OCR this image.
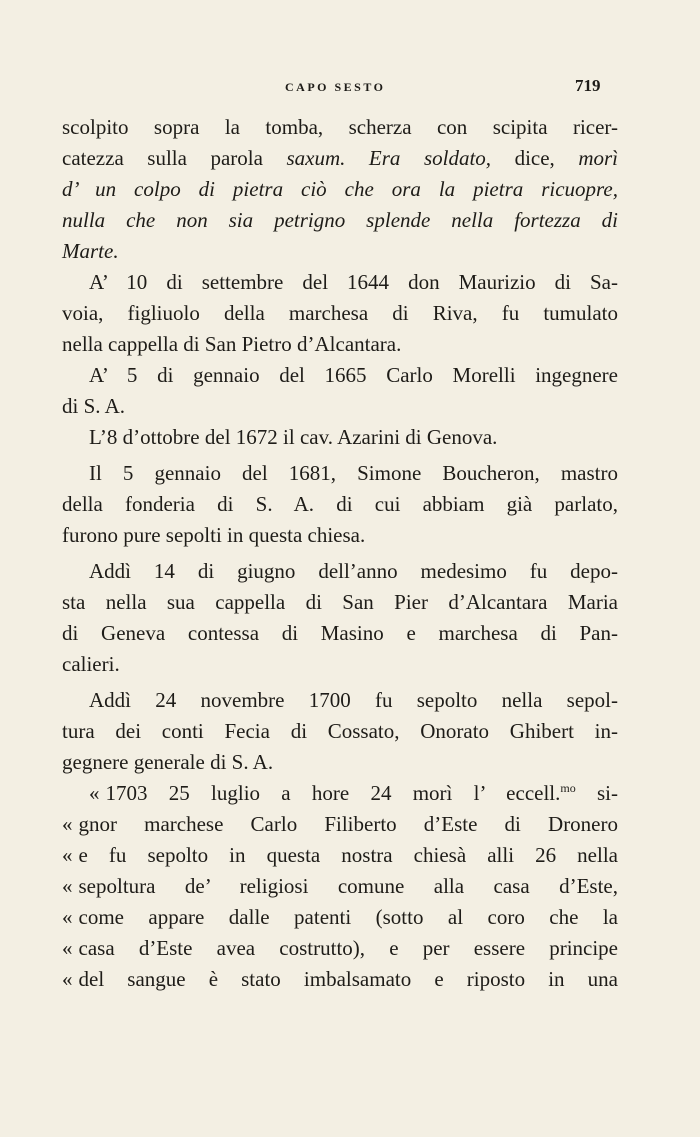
CAPO SESTO	719
scolpito sopra la tomba, scherza con scipita ricer-
catezza sulla parola saxum. Era soldato, dice, morì
d’ un colpo di pietra ciò che ora la pietra ricuopre,
nulla che non sia petrigno splende nella fortezza di
Marte.
A’ 10 di settembre del 1644 don Maurizio di Sa-
voia, figliuolo della marchesa di Riva, fu tumulato
nella cappella di San Pietro d’Alcantara.
A’ 5 di gennaio del 1665 Carlo Morelli ingegnere
di S. A.
L’8 d’ottobre del 1672 il cav. Azarini di Genova.
Il 5 gennaio del 1681, Simone Boucheron, mastro
della fonderia di S. A. di cui abbiam già parlato,
furono pure sepolti in questa chiesa.
Addì 14 di giugno dell’anno medesimo fu depo-
sta nella sua cappella di San Pier d’Alcantara Maria
di Geneva contessa di Masino e marchesa di Pan-
calieri.
Addì 24 novembre 1700 fu sepolto nella sepol-
tura dei conti Fecia di Cossato, Onorato Ghibert in-
gegnere generale di S. A.
« 1703 25 luglio a hore 24 morì l’ eccell.$^{mo}$ si-
« gnor marchese Carlo Filiberto d’Este di Dronero
« e fu sepolto in questa nostra chiesà alli 26 nella
« sepoltura de’ religiosi comune alla casa d’Este,
« come appare dalle patenti (sotto al coro che la
« casa d’Este avea costrutto), e per essere principe
« del sangue è stato imbalsamato e riposto in una
